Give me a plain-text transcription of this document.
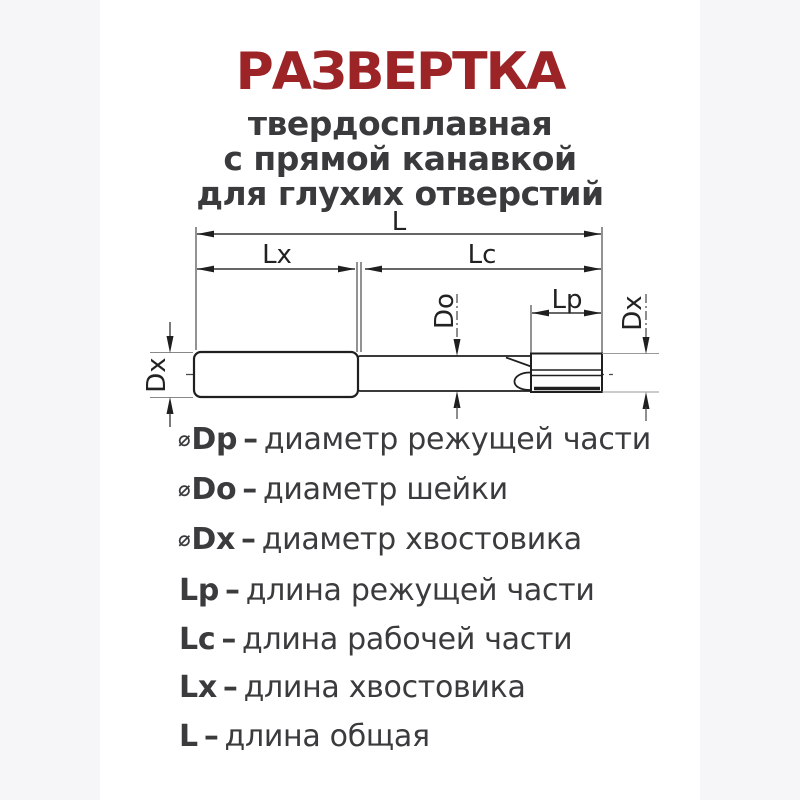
РАЗВЕРТКА
твердосплавная
с прямой канавкой
для глухих отверстий
L
Lx	Lc
Lp
Dx
Do	Dx
⌀Dp – диаметр режущей части
⌀Do – диаметр шейки
⌀Dx – диаметр хвостовика
Lp – длина режущей части
Lc – длина рабочей части
Lx – длина хвостовика
L – длина общая
